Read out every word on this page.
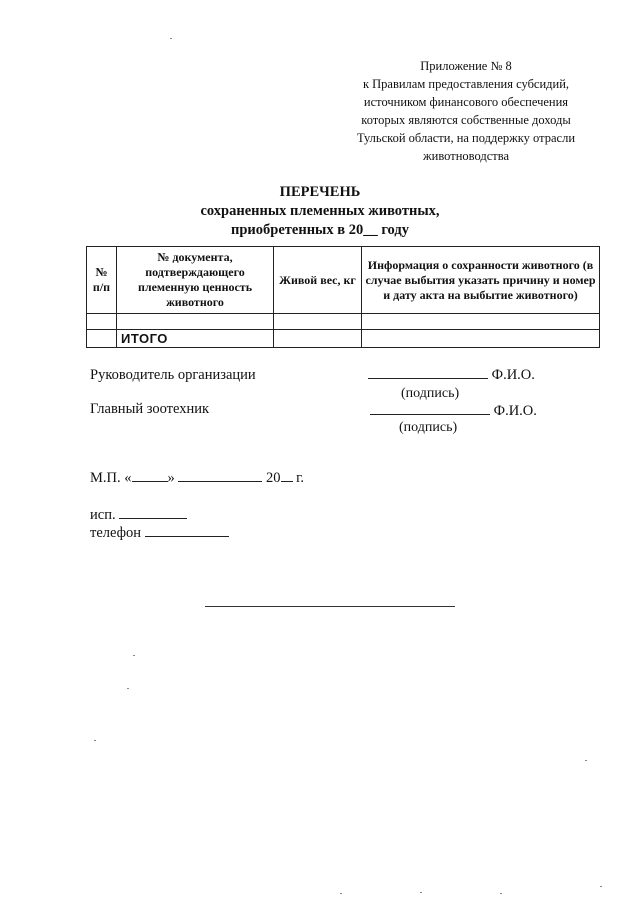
Приложение № 8
к Правилам предоставления субсидий,
источником финансового обеспечения
которых являются собственные доходы
Тульской области, на поддержку отрасли
животноводства
ПЕРЕЧЕНЬ
сохраненных племенных животных,
приобретенных в 20__ году
№ п/п	№ документа, подтверждающего племенную ценность животного	Живой вес, кг	Информация о сохранности животного (в случае выбытия указать причину и номер и дату акта на выбытие животного)

	ИТОГО		
Руководитель организации	Ф.И.О.
(подпись)
Главный зоотехник	Ф.И.О.
(подпись)
М.П. « »	20 г.
исп.
телефон
